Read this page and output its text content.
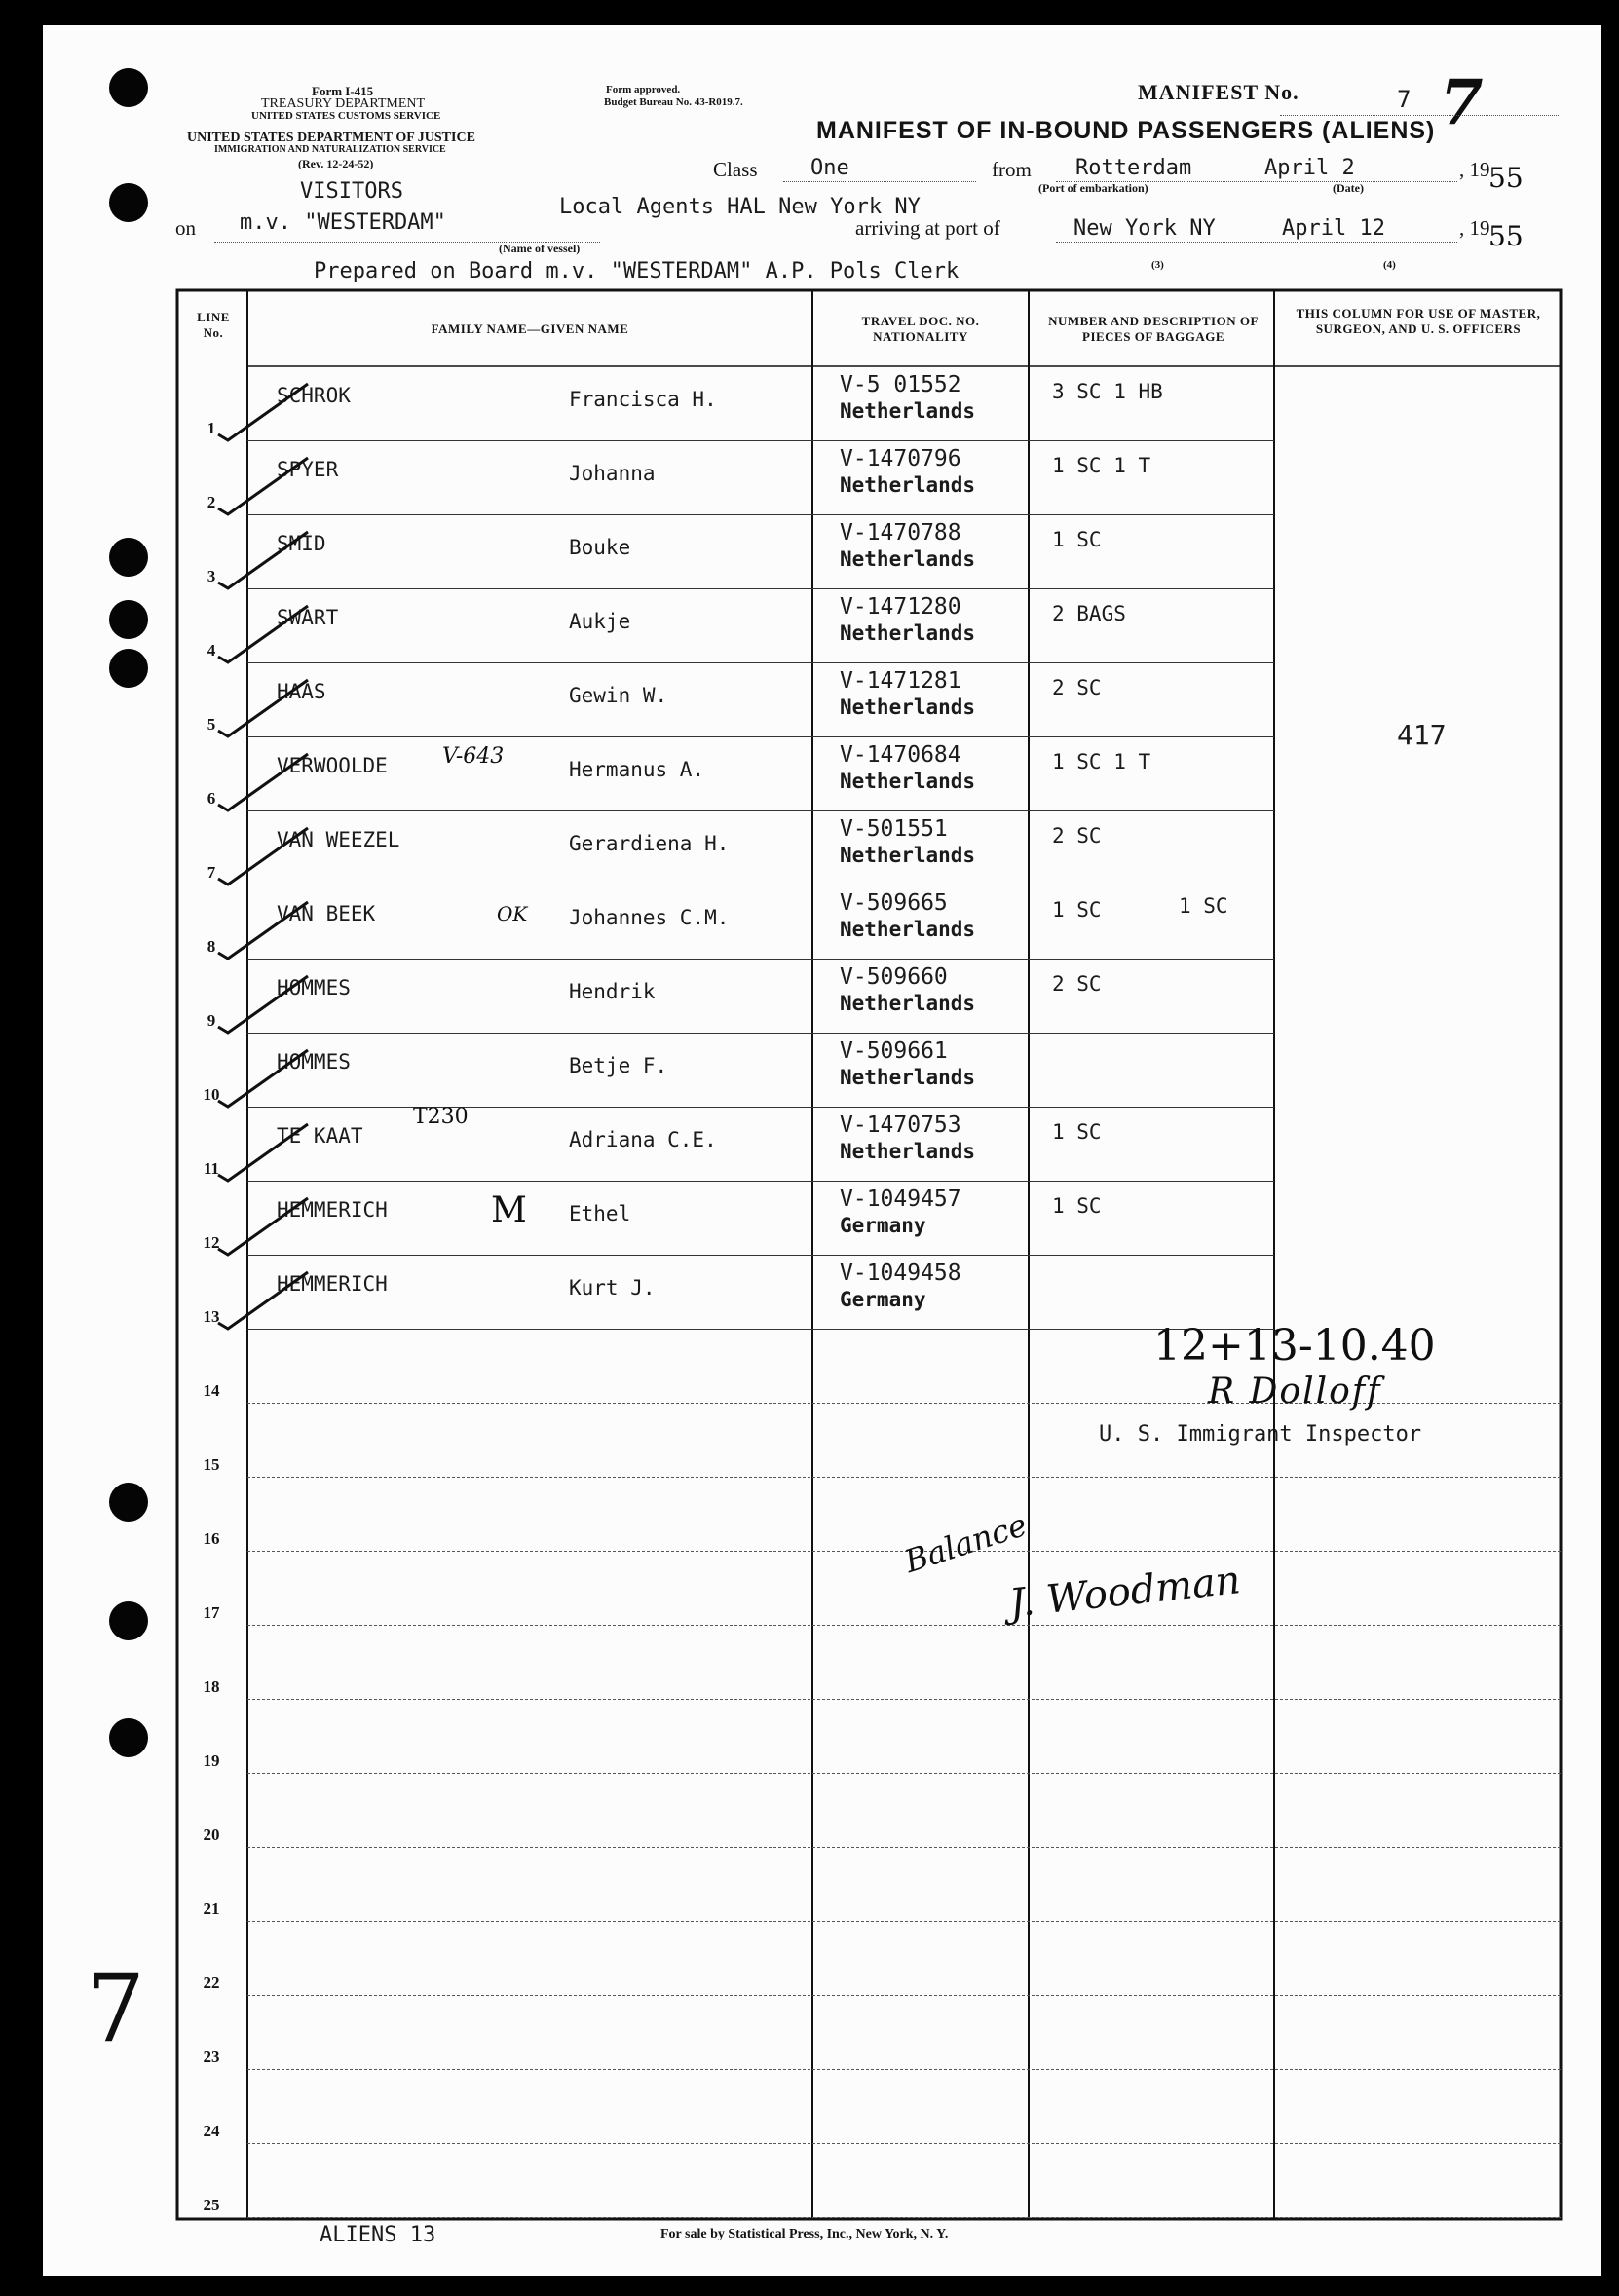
Form I-415
TREASURY DEPARTMENT
UNITED STATES CUSTOMS SERVICE
UNITED STATES DEPARTMENT OF JUSTICE
IMMIGRATION AND NATURALIZATION SERVICE
(Rev. 12-24-52)
Form approved.
Budget Bureau No. 43-R019.7.	MANIFEST No.	7 7
MANIFEST OF IN-BOUND PASSENGERS (ALIENS)
Class One	from Rotterdam	April 2
(Port of embarkation)	(Date)
, 19
55
VISITORS
on m.v. "WESTERDAM"
(Name of vessel)
Local Agents HAL New York NY
arriving at port of	New York NY	April 12	, 19
55
Prepared on Board m.v. "WESTERDAM" A.P. Pols Clerk	(3)	(4)
LINE No.	FAMILY NAME—GIVEN NAME
TRAVEL DOC. NO. NATIONALITY
NUMBER AND DESCRIPTION OF PIECES OF BAGGAGE
THIS COLUMN FOR USE OF MASTER, SURGEON, AND U. S. OFFICERS
1
SCHROK	Francisca H.
V-5 01552
Netherlands
3 SC 1 HB
2
SPYER	Johanna
V-1470796
Netherlands
1 SC 1 T
3
SMID	Bouke
V-1470788
Netherlands
1 SC
4
SWART	Aukje
V-1471280
Netherlands
2 BAGS
5
HAAS	Gewin W.
V-1471281
Netherlands
2 SC
6
VERWOOLDE	Hermanus A.
V-1470684
Netherlands
1 SC 1 T
7
VAN WEEZEL	Gerardiena H.
V-501551
Netherlands
2 SC
8
VAN BEEK	Johannes C.M.
V-509665
Netherlands
1 SC	1 SC
9
HOMMES	Hendrik
V-509660
Netherlands
2 SC
10
HOMMES	Betje F.
V-509661
Netherlands
11
TE KAAT	Adriana C.E.
V-1470753
Netherlands
1 SC
12
HEMMERICH	Ethel
V-1049457
Germany
1 SC
13
HEMMERICH	Kurt J.
V-1049458
Germany
14
15
16
17
18
19
20
21
22
23
24
25
417
V-643
OK
T230
M
12+13-10.40
R Dolloff
U. S. Immigrant Inspector
Balance
J. Woodman
7
ALIENS 13	For sale by Statistical Press, Inc., New York, N. Y.
